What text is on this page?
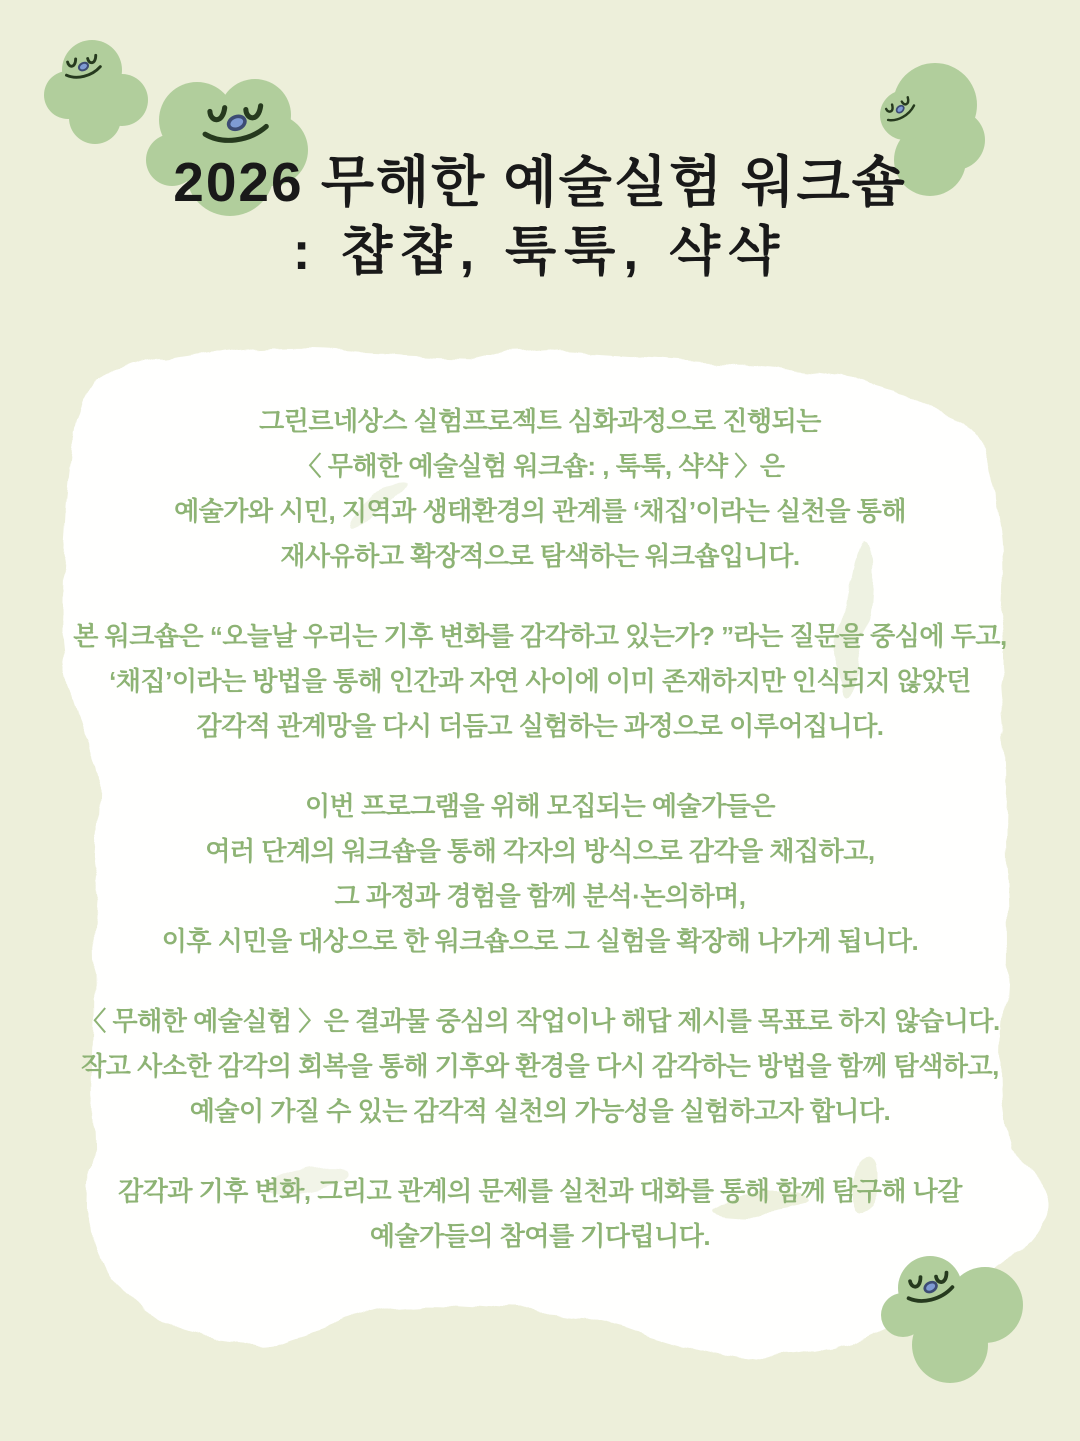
2026 무해한 예술실험 워크숍
: 챱챱, 툭툭, 샥샥
그린르네상스 실험프로젝트 심화과정으로 진행되는
〈 무해한 예술실험 워크숍: , 툭툭, 샥샥 〉은
예술가와 시민, 지역과 생태환경의 관계를 ‘채집’이라는 실천을 통해
재사유하고 확장적으로 탐색하는 워크숍입니다.
본 워크숍은 “오늘날 우리는 기후 변화를 감각하고 있는가? ”라는 질문을 중심에 두고,
‘채집’이라는 방법을 통해 인간과 자연 사이에 이미 존재하지만 인식되지 않았던
감각적 관계망을 다시 더듬고 실험하는 과정으로 이루어집니다.
이번 프로그램을 위해 모집되는 예술가들은
여러 단계의 워크숍을 통해 각자의 방식으로 감각을 채집하고,
그 과정과 경험을 함께 분석·논의하며,
이후 시민을 대상으로 한 워크숍으로 그 실험을 확장해 나가게 됩니다.
〈 무해한 예술실험 〉은 결과물 중심의 작업이나 해답 제시를 목표로 하지 않습니다.
작고 사소한 감각의 회복을 통해 기후와 환경을 다시 감각하는 방법을 함께 탐색하고,
예술이 가질 수 있는 감각적 실천의 가능성을 실험하고자 합니다.
감각과 기후 변화, 그리고 관계의 문제를 실천과 대화를 통해 함께 탐구해 나갈
예술가들의 참여를 기다립니다.
